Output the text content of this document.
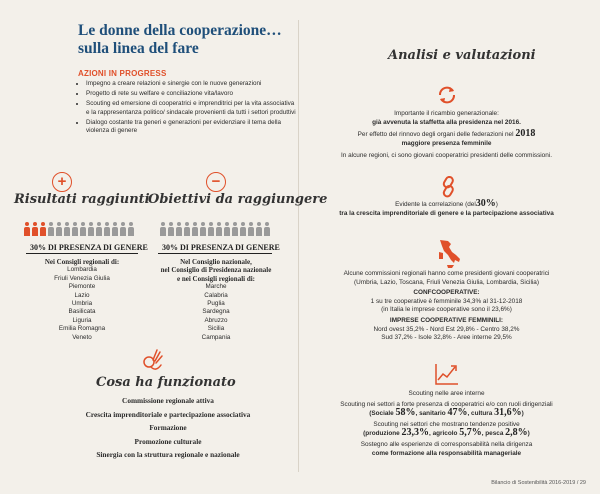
Le donne della cooperazione…
sulla linea del fare
AZIONI IN PROGRESS
• Impegno a creare relazioni e sinergie con le nuove generazioni
• Progetto di rete su welfare e conciliazione vita/lavoro
• Scouting ed emersione di cooperatrici e imprenditrici per la vita associativa e la rappresentanza politico/ sindacale provenienti da tutti i settori produttivi
• Dialogo costante tra generi e generazioni per evidenziare il tema della violenza di genere
+
Risultati raggiunti
30% DI PRESENZA DI GENERE
Nei Consigli regionali di:
Lombardia
Friuli Venezia Giulia
Piemonte
Lazio
Umbria
Basilicata
Liguria
Emilia Romagna
Veneto
−
Obiettivi da raggiungere
30% DI PRESENZA DI GENERE
Nel Consiglio nazionale,
nel Consiglio di Presidenza nazionale
e nei Consigli regionali di:
Marche
Calabria
Puglia
Sardegna
Abruzzo
Sicilia
Campania
Cosa ha funzionato
Commissione regionale attiva
Crescita imprenditoriale e partecipazione associativa
Formazione
Promozione culturale
Sinergia con la struttura regionale e nazionale
Analisi e valutazioni
Importante il ricambio generazionale:
già avvenuta la staffetta alla presidenza nel 2016.
Per effetto del rinnovo degli organi delle federazioni nel 2018
maggiore presenza femminile
In alcune regioni, ci sono giovani cooperatrici presidenti delle commissioni.
Evidente la correlazione (del30%)
tra la crescita imprenditoriale di genere e la partecipazione associativa
Alcune commissioni regionali hanno come presidenti giovani cooperatrici
(Umbria, Lazio, Toscana, Friuli Venezia Giulia, Lombardia, Sicilia)
CONFCOOPERATIVE:
1 su tre cooperative è femminile 34,3% al 31-12-2018
(in Italia le imprese cooperative sono il 23,6%)
IMPRESE COOPERATIVE FEMMINILI:
Nord ovest 35,2% - Nord Est 29,8% - Centro 38,2%
Sud 37,2% - Isole 32,8% - Aree interne 29,5%
Scouting nelle aree interne
Scouting nei settori a forte presenza di cooperatrici e/o con ruoli dirigenziali
(Sociale 58%, sanitario 47%, cultura 31,6%)
Scouting nei settori che mostrano tendenze positive
(produzione 23,3%, agricolo 5,7%, pesca 2,8%)
Sostegno alle esperienze di corresponsabilità nella dirigenza
come formazione alla responsabilità manageriale
Bilancio di Sostenibilità 2016-2019 / 29
